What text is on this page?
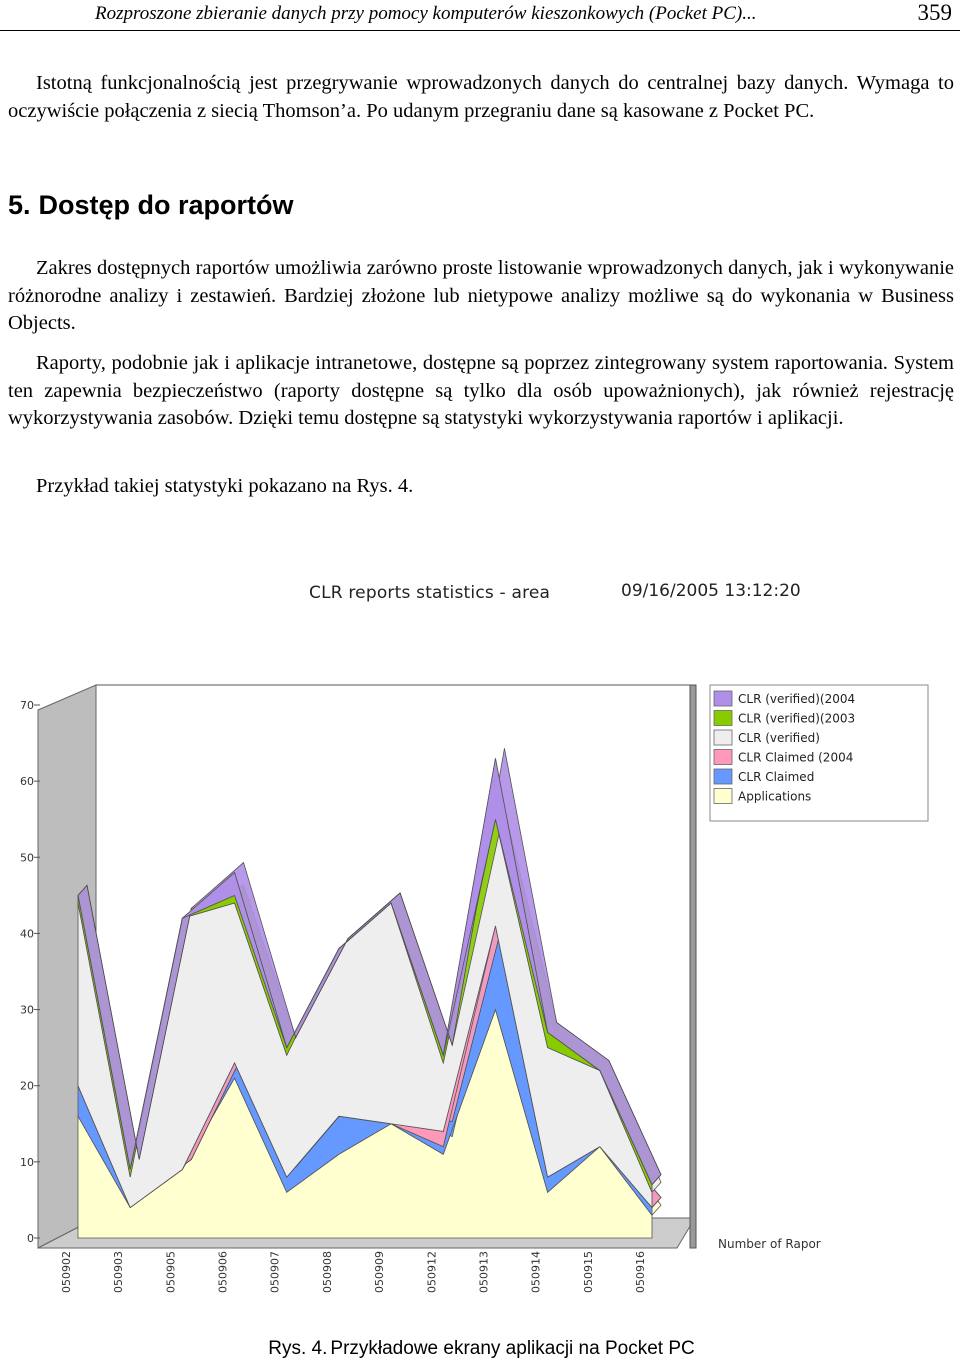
Rozproszone zbieranie danych przy pomocy komputerów kieszonkowych (Pocket PC)...	359

Istotną funkcjonalnością jest przegrywanie wprowadzonych danych do centralnej bazy danych. Wymaga to oczywiście połączenia z siecią Thomson’a. Po udanym przegraniu dane są kasowane z Pocket PC.

5. Dostęp do raportów

Zakres dostępnych raportów umożliwia zarówno proste listowanie wprowadzonych danych, jak i wykonywanie różnorodne analizy i zestawień. Bardziej złożone lub nietypowe analizy możliwe są do wykonania w Business Objects.

Raporty, podobnie jak i aplikacje intranetowe, dostępne są poprzez zintegrowany system raportowania. System ten zapewnia bezpieczeństwo (raporty dostępne są tylko dla osób upoważnionych), jak również rejestrację wykorzystywania zasobów. Dzięki temu dostępne są statystyki wykorzystywania raportów i aplikacji.

Przykład takiej statystyki pokazano na Rys. 4.

0
10
20
30
40
50
60
70
050902	050903	050905	050906	050907	050908	050909	050912	050913	050914	050915	050916
Number of Rapor
CLR (verified)(2004
CLR (verified)(2003
CLR (verified)
CLR Claimed (2004
CLR Claimed
Applications
CLR reports statistics - area	09/16/2005 13:12:20
Rys. 4. Przykładowe ekrany aplikacji na Pocket PC
